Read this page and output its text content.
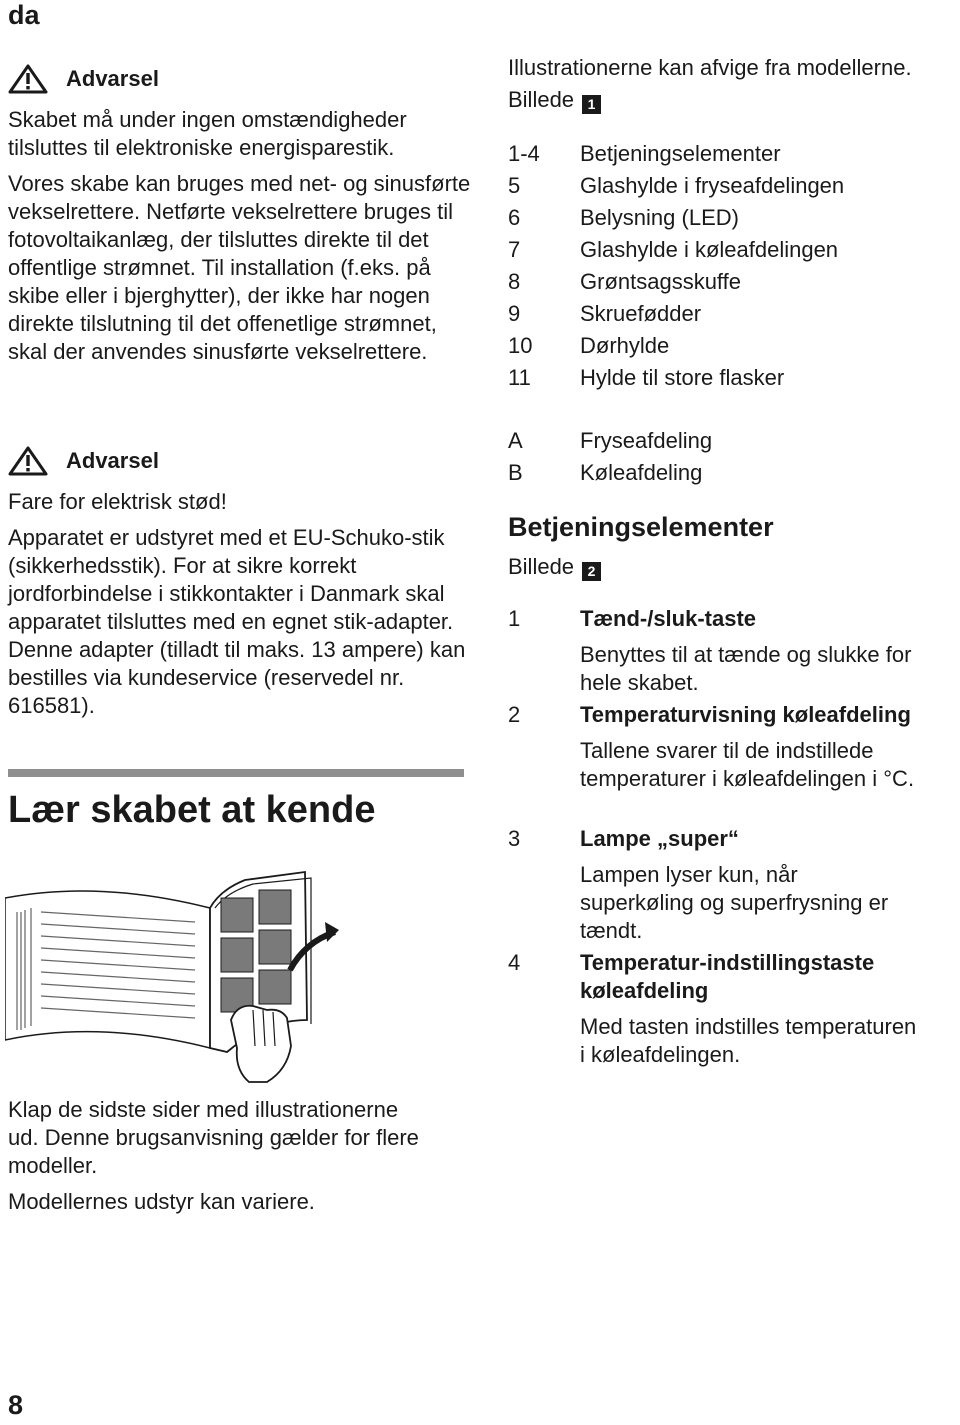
da
Advarsel

Skabet må under ingen omstændigheder tilsluttes til elektroniske energisparestik.

Vores skabe kan bruges med net- og sinusførte vekselrettere. Netførte vekselrettere bruges til fotovoltaikanlæg, der tilsluttes direkte til det offentlige strømnet. Til installation (f.eks. på skibe eller i bjerghytter), der ikke har nogen direkte tilslutning til det offenetlige strømnet, skal der anvendes sinusførte vekselrettere.

Advarsel

Fare for elektrisk stød!

Apparatet er udstyret med et EU-Schuko-stik (sikkerhedsstik). For at sikre korrekt jordforbindelse i stikkontakter i Danmark skal apparatet tilsluttes med en egnet stik-adapter. Denne adapter (tilladt til maks. 13 ampere) kan bestilles via kundeservice (reservedel nr. 616581).

Lær skabet at kende

Klap de sidste sider med illustrationerne ud. Denne brugsanvisning gælder for flere modeller.

Modellernes udstyr kan variere.

Illustrationerne kan afvige fra modellerne.

Billede 1

1-4	Betjeningselementer
5	Glashylde i fryseafdelingen
6	Belysning (LED)
7	Glashylde i køleafdelingen
8	Grøntsagsskuffe
9	Skruefødder
10	Dørhylde
11	Hylde til store flasker
A	Fryseafdeling
B	Køleafdeling
Betjeningselementer

Billede 2

1	Tænd-/sluk-taste

Benyttes til at tænde og slukke for hele skabet.

2	Temperaturvisning køleafdeling

Tallene svarer til de indstillede temperaturer i køleafdelingen i °C.

3	Lampe „super“

Lampen lyser kun, når superkøling og superfrysning er tændt.

4	Temperatur-indstillingstaste køleafdeling

Med tasten indstilles temperaturen i køleafdelingen.

8
